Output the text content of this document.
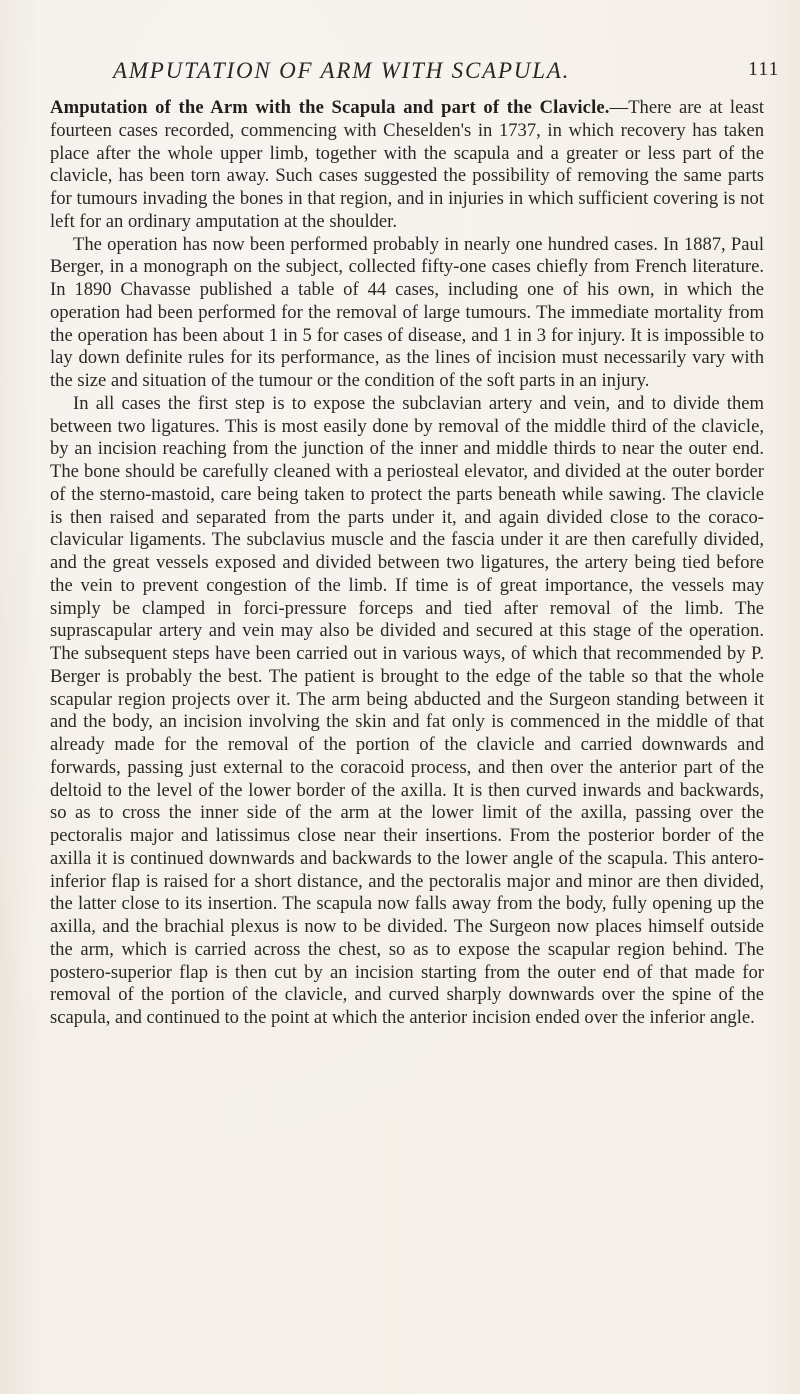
AMPUTATION OF ARM WITH SCAPULA.	111

Amputation of the Arm with the Scapula and part of the Clavicle.—There are at least fourteen cases recorded, commencing with Cheselden's in 1737, in which recovery has taken place after the whole upper limb, together with the scapula and a greater or less part of the clavicle, has been torn away. Such cases suggested the possibility of removing the same parts for tumours invading the bones in that region, and in injuries in which sufficient covering is not left for an ordinary amputation at the shoulder.

The operation has now been performed probably in nearly one hundred cases. In 1887, Paul Berger, in a monograph on the subject, collected fifty-one cases chiefly from French literature. In 1890 Chavasse published a table of 44 cases, including one of his own, in which the operation had been performed for the removal of large tumours. The immediate mortality from the operation has been about 1 in 5 for cases of disease, and 1 in 3 for injury. It is impossible to lay down definite rules for its performance, as the lines of incision must necessarily vary with the size and situation of the tumour or the condition of the soft parts in an injury.

In all cases the first step is to expose the subclavian artery and vein, and to divide them between two ligatures. This is most easily done by removal of the middle third of the clavicle, by an incision reaching from the junction of the inner and middle thirds to near the outer end. The bone should be carefully cleaned with a periosteal elevator, and divided at the outer border of the sterno-mastoid, care being taken to protect the parts beneath while sawing. The clavicle is then raised and separated from the parts under it, and again divided close to the coraco-clavicular ligaments. The subclavius muscle and the fascia under it are then carefully divided, and the great vessels exposed and divided between two ligatures, the artery being tied before the vein to prevent congestion of the limb. If time is of great importance, the vessels may simply be clamped in forci-pressure forceps and tied after removal of the limb. The suprascapular artery and vein may also be divided and secured at this stage of the operation. The subsequent steps have been carried out in various ways, of which that recommended by P. Berger is probably the best. The patient is brought to the edge of the table so that the whole scapular region projects over it. The arm being abducted and the Surgeon standing between it and the body, an incision involving the skin and fat only is commenced in the middle of that already made for the removal of the portion of the clavicle and carried downwards and forwards, passing just external to the coracoid process, and then over the anterior part of the deltoid to the level of the lower border of the axilla. It is then curved inwards and backwards, so as to cross the inner side of the arm at the lower limit of the axilla, passing over the pectoralis major and latissimus close near their insertions. From the posterior border of the axilla it is continued downwards and backwards to the lower angle of the scapula. This antero-inferior flap is raised for a short distance, and the pectoralis major and minor are then divided, the latter close to its insertion. The scapula now falls away from the body, fully opening up the axilla, and the brachial plexus is now to be divided. The Surgeon now places himself outside the arm, which is carried across the chest, so as to expose the scapular region behind. The postero-superior flap is then cut by an incision starting from the outer end of that made for removal of the portion of the clavicle, and curved sharply downwards over the spine of the scapula, and continued to the point at which the anterior incision ended over the inferior angle.
